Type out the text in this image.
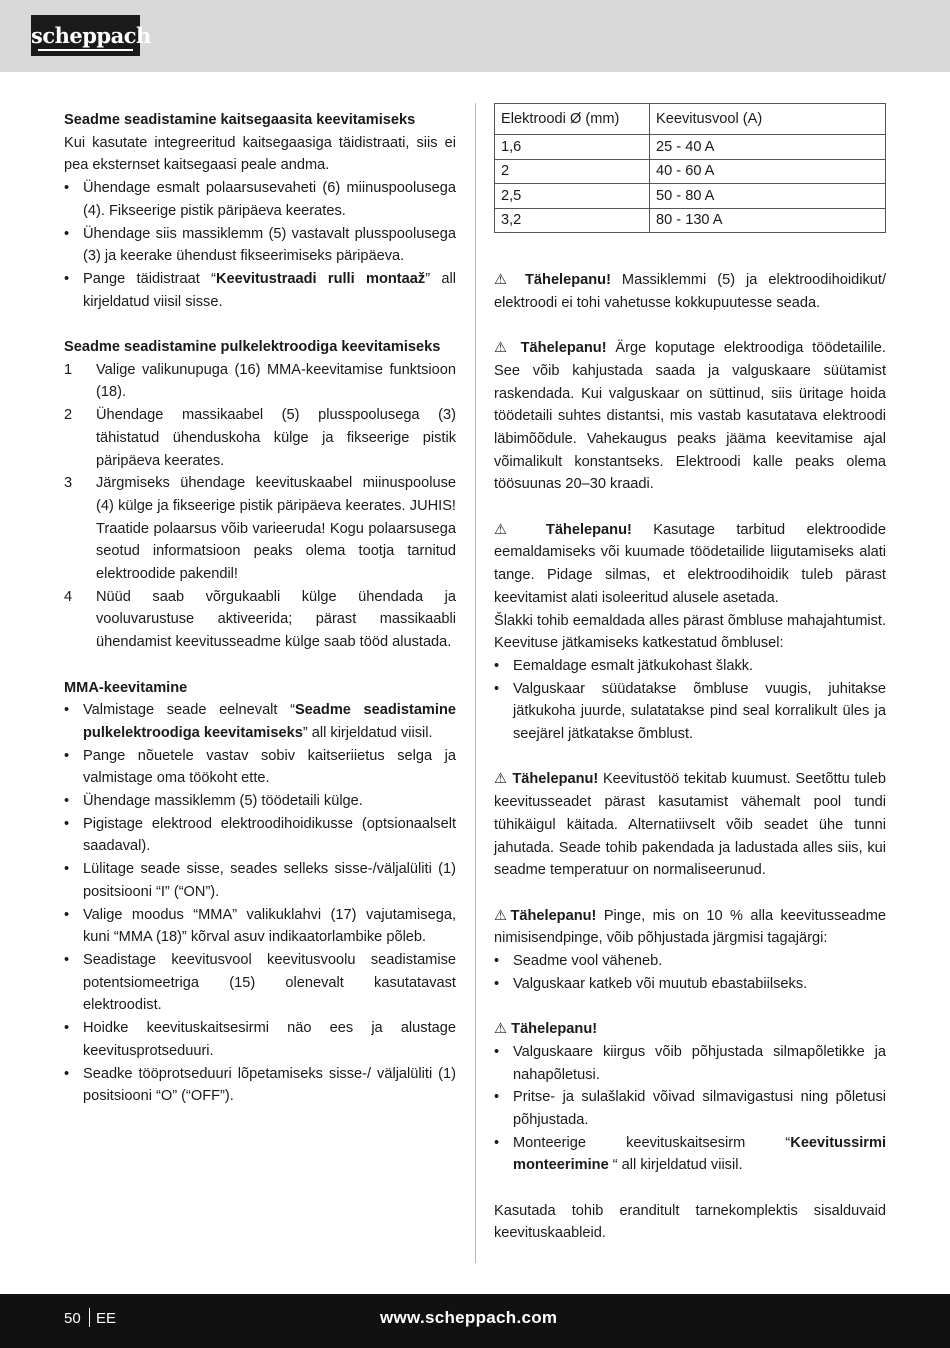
scheppach

Seadme seadistamine kaitsegaasita keevitamiseks

Kui kasutate integreeritud kaitsegaasiga täidistraati, siis ei pea eksternset kaitsegaasi peale andma.

• Ühendage esmalt polaarsusevaheti (6) miinuspoolusega (4). Fikseerige pistik päripäeva keerates.
• Ühendage siis massiklemm (5) vastavalt plusspoolusega (3) ja keerake ühendust fikseerimiseks päripäeva.
• Pange täidistraat “Keevitustraadi rulli montaaž” all kirjeldatud viisil sisse.

Seadme seadistamine pulkelektroodiga keevitamiseks

1 Valige valikunupuga (16) MMA-keevitamise funktsioon (18).
2 Ühendage massikaabel (5) plusspoolusega (3) tähistatud ühenduskoha külge ja fikseerige pistik päripäeva keerates.
3 Järgmiseks ühendage keevituskaabel miinuspooluse (4) külge ja fikseerige pistik päripäeva keerates. JUHIS! Traatide polaarsus võib varieeruda! Kogu polaarsusega seotud informatsioon peaks olema tootja tarnitud elektroodide pakendil!
4 Nüüd saab võrgukaabli külge ühendada ja vooluvarustuse aktiveerida; pärast massikaabli ühendamist keevitusseadme külge saab tööd alustada.

MMA-keevitamine

• Valmistage seade eelnevalt “Seadme seadistamine pulkelektroodiga keevitamiseks” all kirjeldatud viisil.
• Pange nõuetele vastav sobiv kaitseriietus selga ja valmistage oma töökoht ette.
• Ühendage massiklemm (5) töödetaili külge.
• Pigistage elektrood elektroodihoidikusse (optsionaalselt saadaval).
• Lülitage seade sisse, seades selleks sisse-/väljalüliti (1) positsiooni “I” (“ON”).
• Valige moodus “MMA” valikuklahvi (17) vajutamisega, kuni “MMA (18)” kõrval asuv indikaatorlambike põleb.
• Seadistage keevitusvool keevitusvoolu seadistamise potentsiomeetriga (15) olenevalt kasutatavast elektroodist.
• Hoidke keevituskaitsesirmi näo ees ja alustage keevitusprotseduuri.
• Seadke tööprotseduuri lõpetamiseks sisse-/ väljalüliti (1) positsiooni “O” (“OFF”).
Elektroodi Ø (mm)	Keevitusvool (A)
1,6	25 - 40 A
2	40 - 60 A
2,5	50 - 80 A
3,2	80 - 130 A

⚠ Tähelepanu! Massiklemmi (5) ja elektroodihoidikut/ elektroodi ei tohi vahetusse kokkupuutesse seada.

⚠ Tähelepanu! Ärge koputage elektroodiga töödetailile. See võib kahjustada saada ja valguskaare süütamist raskendada. Kui valguskaar on süttinud, siis üritage hoida töödetaili suhtes distantsi, mis vastab kasutatava elektroodi läbimõõdule. Vahekaugus peaks jääma keevitamise ajal võimalikult konstantseks. Elektroodi kalle peaks olema töösuunas 20–30 kraadi.

⚠ Tähelepanu! Kasutage tarbitud elektroodide eemaldamiseks või kuumade töödetailide liigutamiseks alati tange. Pidage silmas, et elektroodihoidik tuleb pärast keevitamist alati isoleeritud alusele asetada.

Šlakki tohib eemaldada alles pärast õmbluse mahajahtumist. Keevituse jätkamiseks katkestatud õmblusel:

• Eemaldage esmalt jätkukohast šlakk.
• Valguskaar süüdatakse õmbluse vuugis, juhitakse jätkukoha juurde, sulatatakse pind seal korralikult üles ja seejärel jätkatakse õmblust.

⚠ Tähelepanu! Keevitustöö tekitab kuumust. Seetõttu tuleb keevitusseadet pärast kasutamist vähemalt pool tundi tühikäigul käitada. Alternatiivselt võib seadet ühe tunni jahutada. Seade tohib pakendada ja ladustada alles siis, kui seadme temperatuur on normaliseerunud.

⚠Tähelepanu! Pinge, mis on 10 % alla keevitusseadme nimisisendpinge, võib põhjustada järgmisi tagajärgi:

• Seadme vool väheneb.
• Valguskaar katkeb või muutub ebastabiilseks.

⚠ Tähelepanu!

• Valguskaare kiirgus võib põhjustada silmapõletikke ja nahapõletusi.
• Pritse- ja sulašlakid võivad silmavigastusi ning põletusi põhjustada.
• Monteerige keevituskaitsesirm “Keevitussirmi monteerimine “ all kirjeldatud viisil.

Kasutada tohib eranditult tarnekomplektis sisalduvaid keevituskaableid.

50 EE	www.scheppach.com
